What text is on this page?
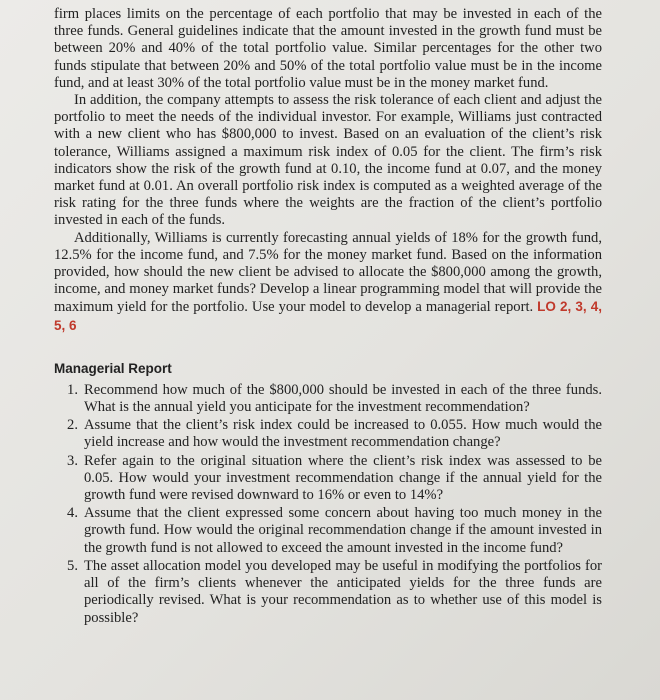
firm places limits on the percentage of each portfolio that may be invested in each of the three funds. General guidelines indicate that the amount invested in the growth fund must be between 20% and 40% of the total portfolio value. Similar percentages for the other two funds stipulate that between 20% and 50% of the total portfolio value must be in the income fund, and at least 30% of the total portfolio value must be in the money market fund.

In addition, the company attempts to assess the risk tolerance of each client and adjust the portfolio to meet the needs of the individual investor. For example, Williams just contracted with a new client who has $800,000 to invest. Based on an evaluation of the client’s risk tolerance, Williams assigned a maximum risk index of 0.05 for the client. The firm’s risk indicators show the risk of the growth fund at 0.10, the income fund at 0.07, and the money market fund at 0.01. An overall portfolio risk index is computed as a weighted average of the risk rating for the three funds where the weights are the fraction of the client’s portfolio invested in each of the funds.

Additionally, Williams is currently forecasting annual yields of 18% for the growth fund, 12.5% for the income fund, and 7.5% for the money market fund. Based on the information provided, how should the new client be advised to allocate the $800,000 among the growth, income, and money market funds? Develop a linear programming model that will provide the maximum yield for the portfolio. Use your model to develop a managerial report. LO 2, 3, 4, 5, 6

Managerial Report
1. Recommend how much of the $800,000 should be invested in each of the three funds. What is the annual yield you anticipate for the investment recommendation?
2. Assume that the client’s risk index could be increased to 0.055. How much would the yield increase and how would the investment recommendation change?
3. Refer again to the original situation where the client’s risk index was assessed to be 0.05. How would your investment recommendation change if the annual yield for the growth fund were revised downward to 16% or even to 14%?
4. Assume that the client expressed some concern about having too much money in the growth fund. How would the original recommendation change if the amount invested in the growth fund is not allowed to exceed the amount invested in the income fund?
5. The asset allocation model you developed may be useful in modifying the portfolios for all of the firm’s clients whenever the anticipated yields for the three funds are periodically revised. What is your recommendation as to whether use of this model is possible?
